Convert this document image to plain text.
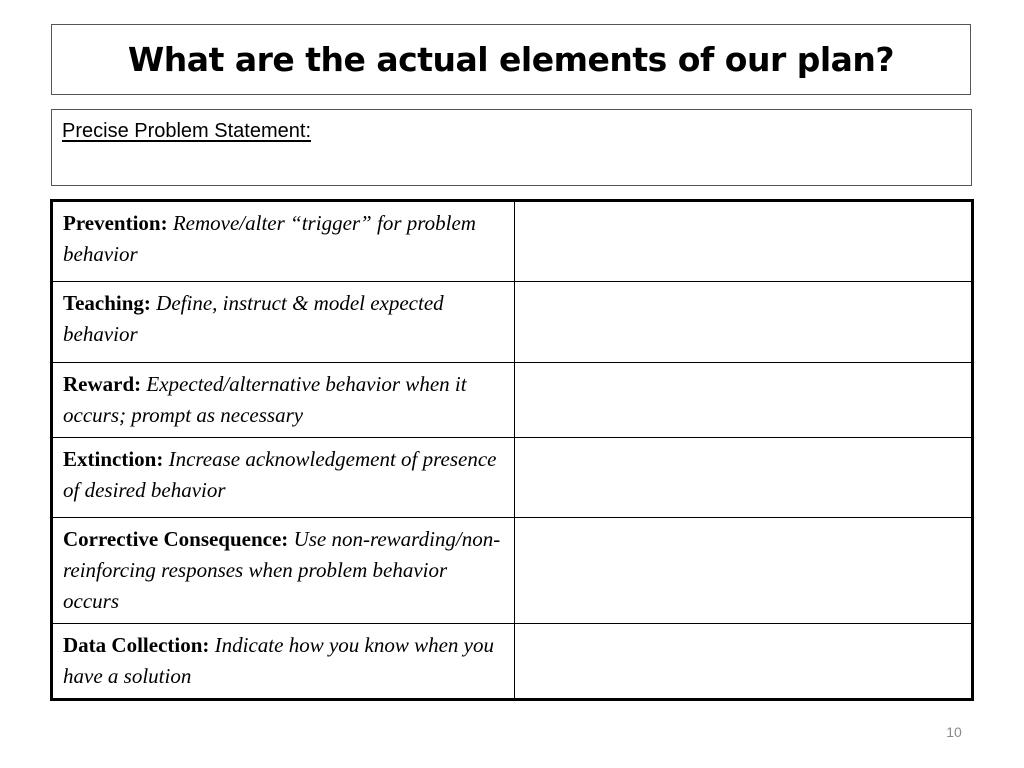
What are the actual elements of our plan?
Precise Problem Statement:
Prevention: Remove/alter “trigger” for problem behavior	
Teaching: Define, instruct & model expected behavior	
Reward: Expected/alternative behavior when it occurs; prompt as necessary	
Extinction: Increase acknowledgement of presence of desired behavior	
Corrective Consequence: Use non-rewarding/non-reinforcing responses when problem behavior occurs	
Data Collection: Indicate how you know when you have a solution	
10
